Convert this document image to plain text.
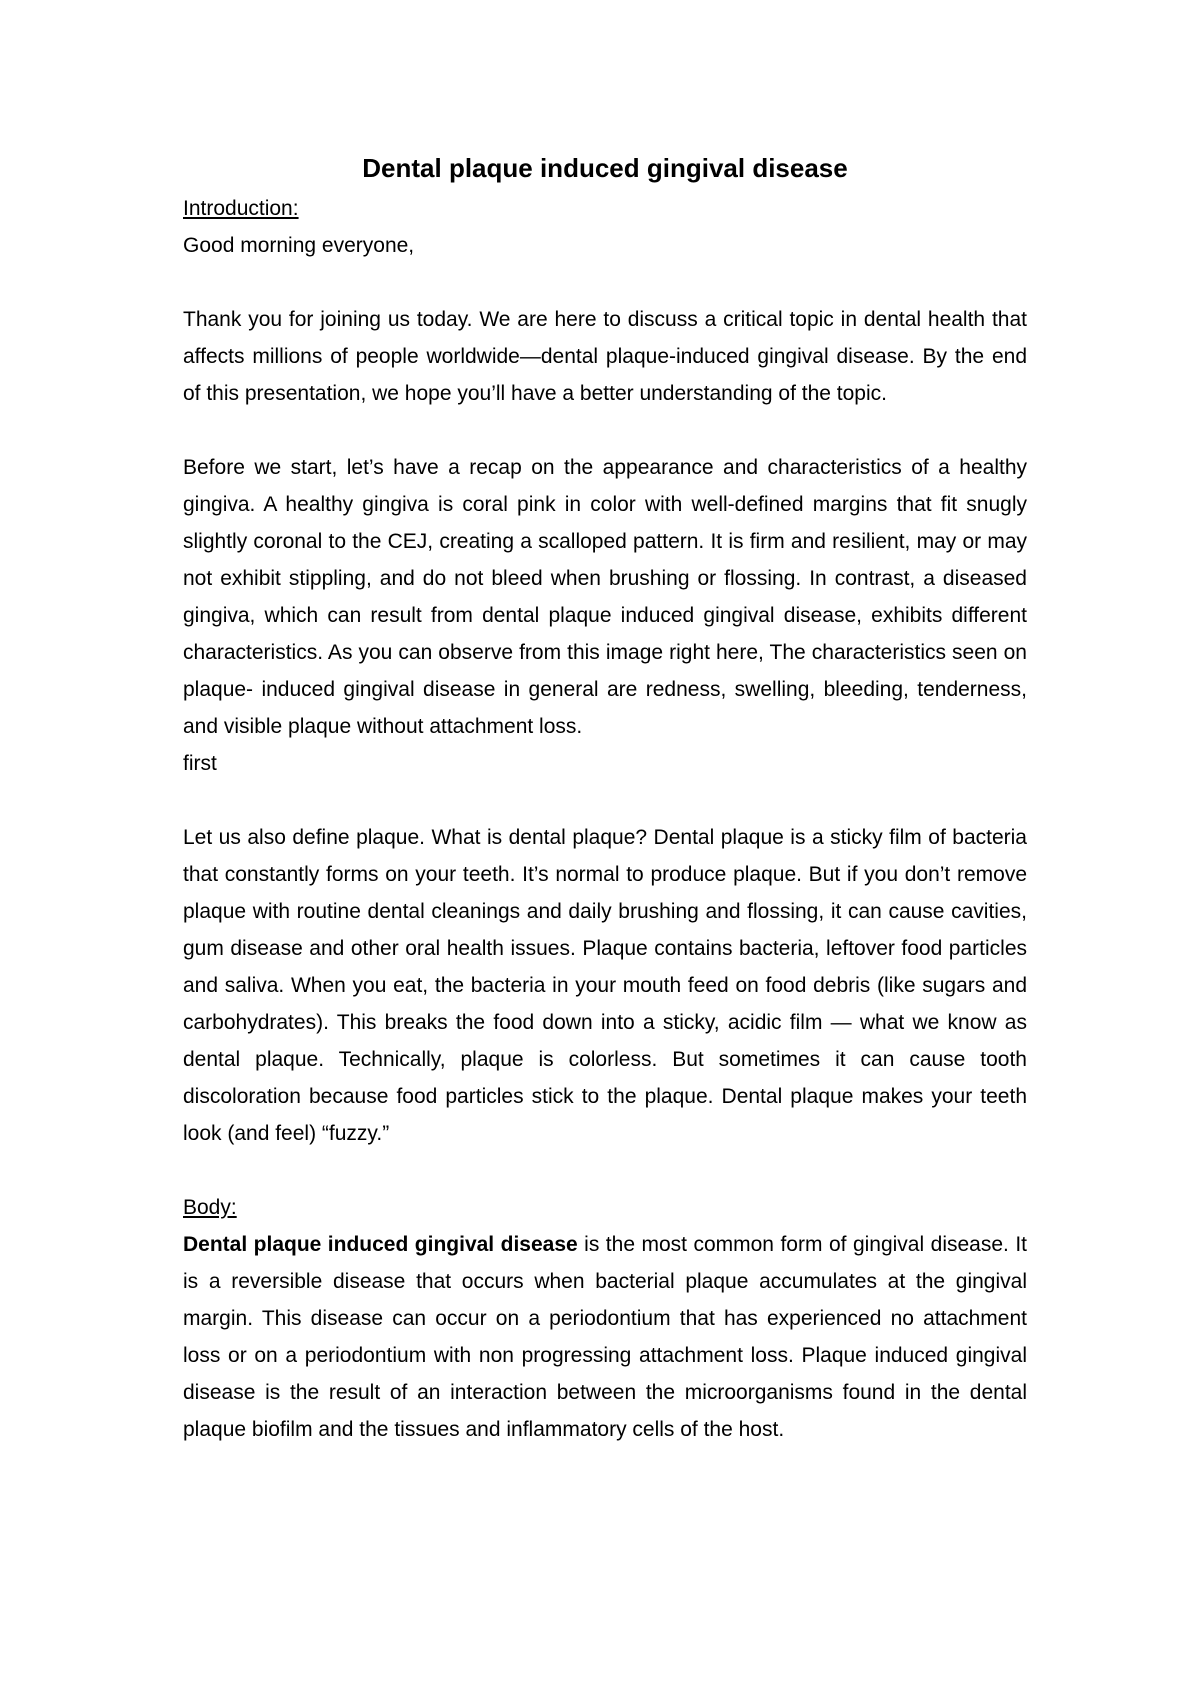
Dental plaque induced gingival disease

Introduction:

Good morning everyone,

Thank you for joining us today. We are here to discuss a critical topic in dental health that affects millions of people worldwide—dental plaque-induced gingival disease. By the end of this presentation, we hope you’ll have a better understanding of the topic.

Before we start, let’s have a recap on the appearance and characteristics of a healthy gingiva. A healthy gingiva is coral pink in color with well-defined margins that fit snugly slightly coronal to the CEJ, creating a scalloped pattern. It is firm and resilient, may or may not exhibit stippling, and do not bleed when brushing or flossing. In contrast, a diseased gingiva, which can result from dental plaque induced gingival disease, exhibits different characteristics. As you can observe from this image right here, The characteristics seen on plaque- induced gingival disease in general are redness, swelling, bleeding, tenderness, and visible plaque without attachment loss.

first

Let us also define plaque. What is dental plaque? Dental plaque is a sticky film of bacteria that constantly forms on your teeth. It’s normal to produce plaque. But if you don’t remove plaque with routine dental cleanings and daily brushing and flossing, it can cause cavities, gum disease and other oral health issues. Plaque contains bacteria, leftover food particles and saliva. When you eat, the bacteria in your mouth feed on food debris (like sugars and carbohydrates). This breaks the food down into a sticky, acidic film — what we know as dental plaque. Technically, plaque is colorless. But sometimes it can cause tooth discoloration because food particles stick to the plaque. Dental plaque makes your teeth look (and feel) “fuzzy.”

Body:

Dental plaque induced gingival disease is the most common form of gingival disease. It is a reversible disease that occurs when bacterial plaque accumulates at the gingival margin. This disease can occur on a periodontium that has experienced no attachment loss or on a periodontium with non progressing attachment loss. Plaque induced gingival disease is the result of an interaction between the microorganisms found in the dental plaque biofilm and the tissues and inflammatory cells of the host.
